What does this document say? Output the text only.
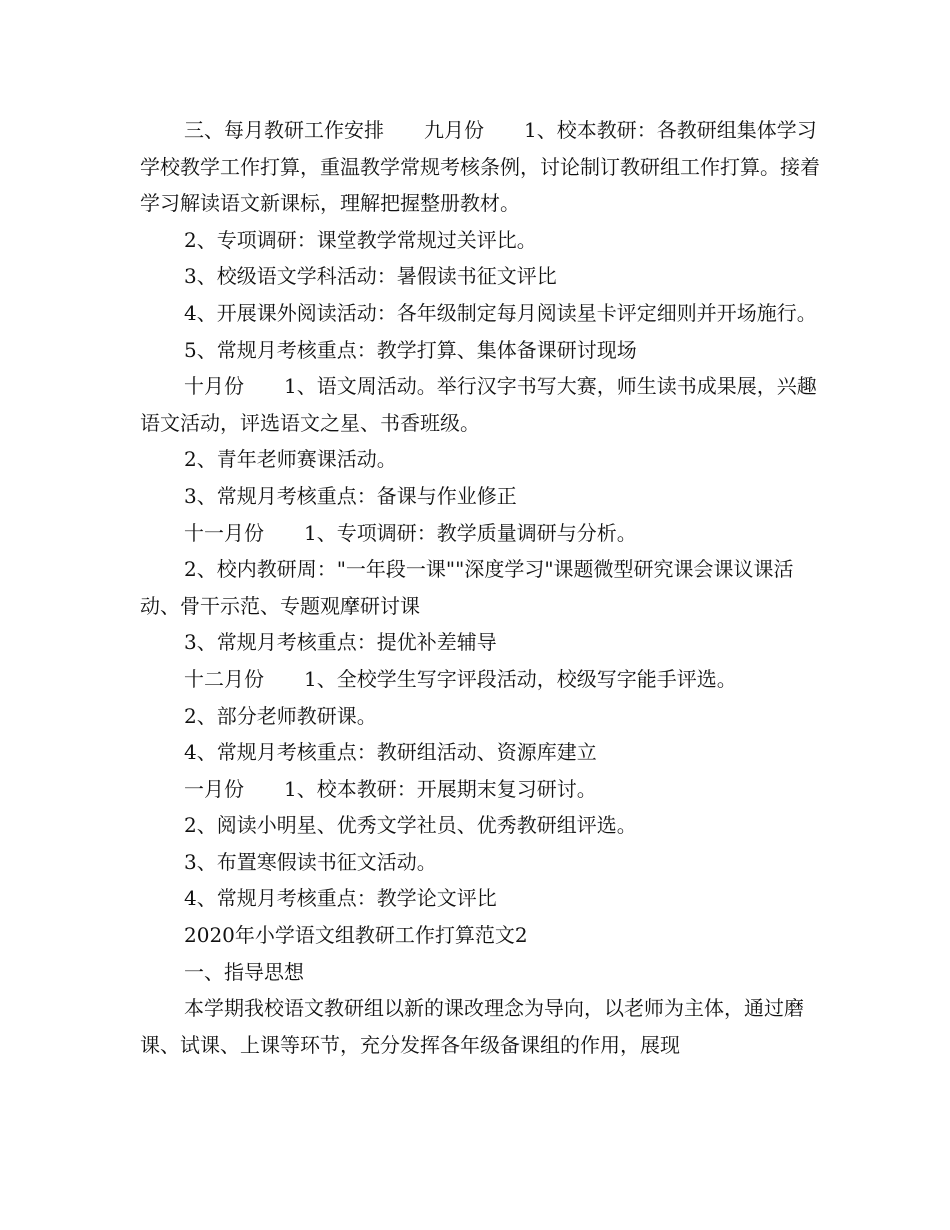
三、每月教研工作安排　　九月份　　1、校本教研：各教研组集体学习学校教学工作打算，重温教学常规考核条例，讨论制订教研组工作打算。接着学习解读语文新课标，理解把握整册教材。

2、专项调研：课堂教学常规过关评比。

3、校级语文学科活动：暑假读书征文评比

4、开展课外阅读活动：各年级制定每月阅读星卡评定细则并开场施行。

5、常规月考核重点：教学打算、集体备课研讨现场

十月份　　1、语文周活动。举行汉字书写大赛，师生读书成果展，兴趣语文活动，评选语文之星、书香班级。

2、青年老师赛课活动。

3、常规月考核重点：备课与作业修正

十一月份　　1、专项调研：教学质量调研与分析。

2、校内教研周："一年段一课""深度学习"课题微型研究课会课议课活动、骨干示范、专题观摩研讨课

3、常规月考核重点：提优补差辅导

十二月份　　1、全校学生写字评段活动，校级写字能手评选。

2、部分老师教研课。

4、常规月考核重点：教研组活动、资源库建立

一月份　　1、校本教研：开展期末复习研讨。

2、阅读小明星、优秀文学社员、优秀教研组评选。

3、布置寒假读书征文活动。

4、常规月考核重点：教学论文评比

2020年小学语文组教研工作打算范文2

一、指导思想

本学期我校语文教研组以新的课改理念为导向，以老师为主体，通过磨课、试课、上课等环节，充分发挥各年级备课组的作用，展现
